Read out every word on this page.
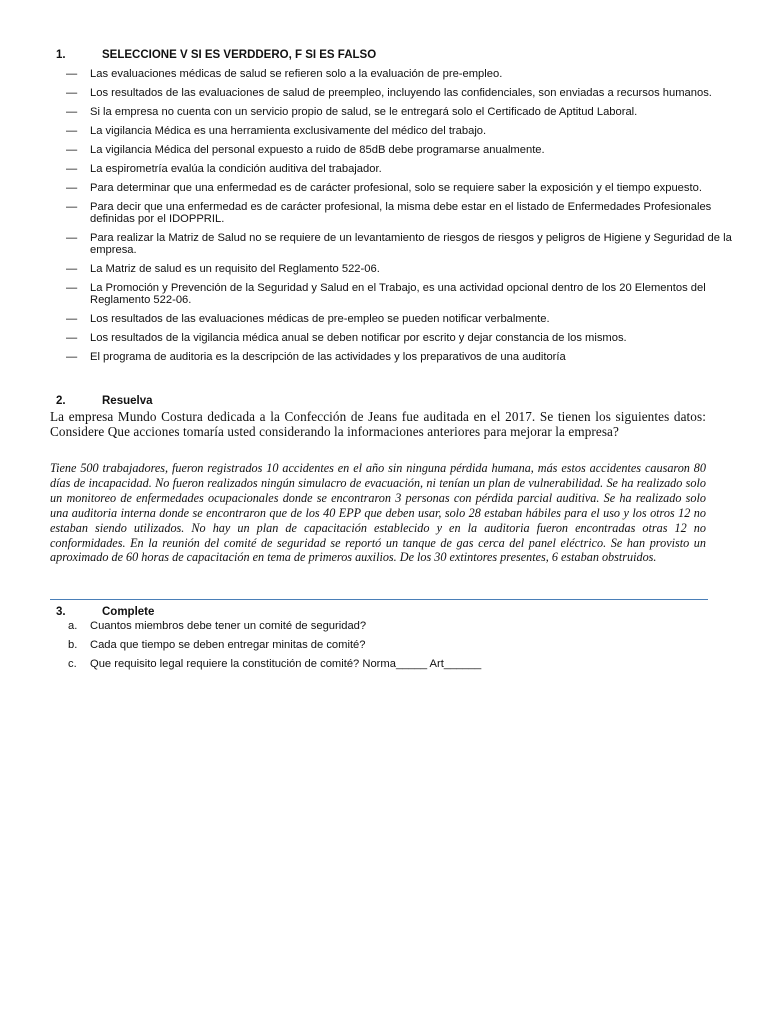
1.	SELECCIONE V SI ES VERDDERO, F SI ES FALSO
—	Las evaluaciones médicas de salud se refieren solo a la evaluación de pre-empleo.
—	Los resultados de las evaluaciones de salud de preempleo, incluyendo las confidenciales, son enviadas a recursos humanos.
—	Si la empresa no cuenta con un servicio propio de salud, se le entregará solo el Certificado de Aptitud Laboral.
—	La vigilancia Médica es una herramienta exclusivamente del médico del trabajo.
—	La vigilancia Médica del personal expuesto a ruido de 85dB debe programarse anualmente.
—	La espirometría evalúa la condición auditiva del trabajador.
—	Para determinar que una enfermedad es de carácter profesional, solo se requiere saber la exposición y el tiempo expuesto.
—	Para decir que una enfermedad es de carácter profesional, la misma debe estar en el listado de Enfermedades Profesionales definidas por el IDOPPRIL.
—	Para realizar la Matriz de Salud no se requiere de un levantamiento de riesgos de riesgos y peligros de Higiene y Seguridad de la empresa.
—	La Matriz de salud es un requisito del Reglamento 522-06.
—	La Promoción y Prevención de la Seguridad y Salud en el Trabajo, es una actividad opcional dentro de los 20 Elementos del Reglamento 522-06.
—	Los resultados de las evaluaciones médicas de pre-empleo se pueden notificar verbalmente.
—	Los resultados de la vigilancia médica anual se deben notificar por escrito y dejar constancia de los mismos.
—	El programa de auditoria es la descripción de las actividades y los preparativos de una auditoría
2.	Resuelva

La empresa Mundo Costura dedicada a la Confección de Jeans fue auditada en el 2017. Se tienen los siguientes datos: Considere Que acciones tomaría usted considerando la informaciones anteriores para mejorar la empresa?

Tiene 500 trabajadores, fueron registrados 10 accidentes en el año sin ninguna pérdida humana, más estos accidentes causaron 80 días de incapacidad. No fueron realizados ningún simulacro de evacuación, ni tenían un plan de vulnerabilidad. Se ha realizado solo un monitoreo de enfermedades ocupacionales donde se encontraron 3 personas con pérdida parcial auditiva. Se ha realizado solo una auditoria interna donde se encontraron que de los 40 EPP que deben usar, solo 28 estaban hábiles para el uso y los otros 12 no estaban siendo utilizados. No hay un plan de capacitación establecido y en la auditoria fueron encontradas otras 12 no conformidades. En la reunión del comité de seguridad se reportó un tanque de gas cerca del panel eléctrico. Se han provisto un aproximado de 60 horas de capacitación en tema de primeros auxilios. De los 30 extintores presentes, 6 estaban obstruidos.

3.	Complete
a.	Cuantos miembros debe tener un comité de seguridad?
b.	Cada que tiempo se deben entregar minitas de comité?
c.	Que requisito legal requiere la constitución de comité? Norma_____ Art______
